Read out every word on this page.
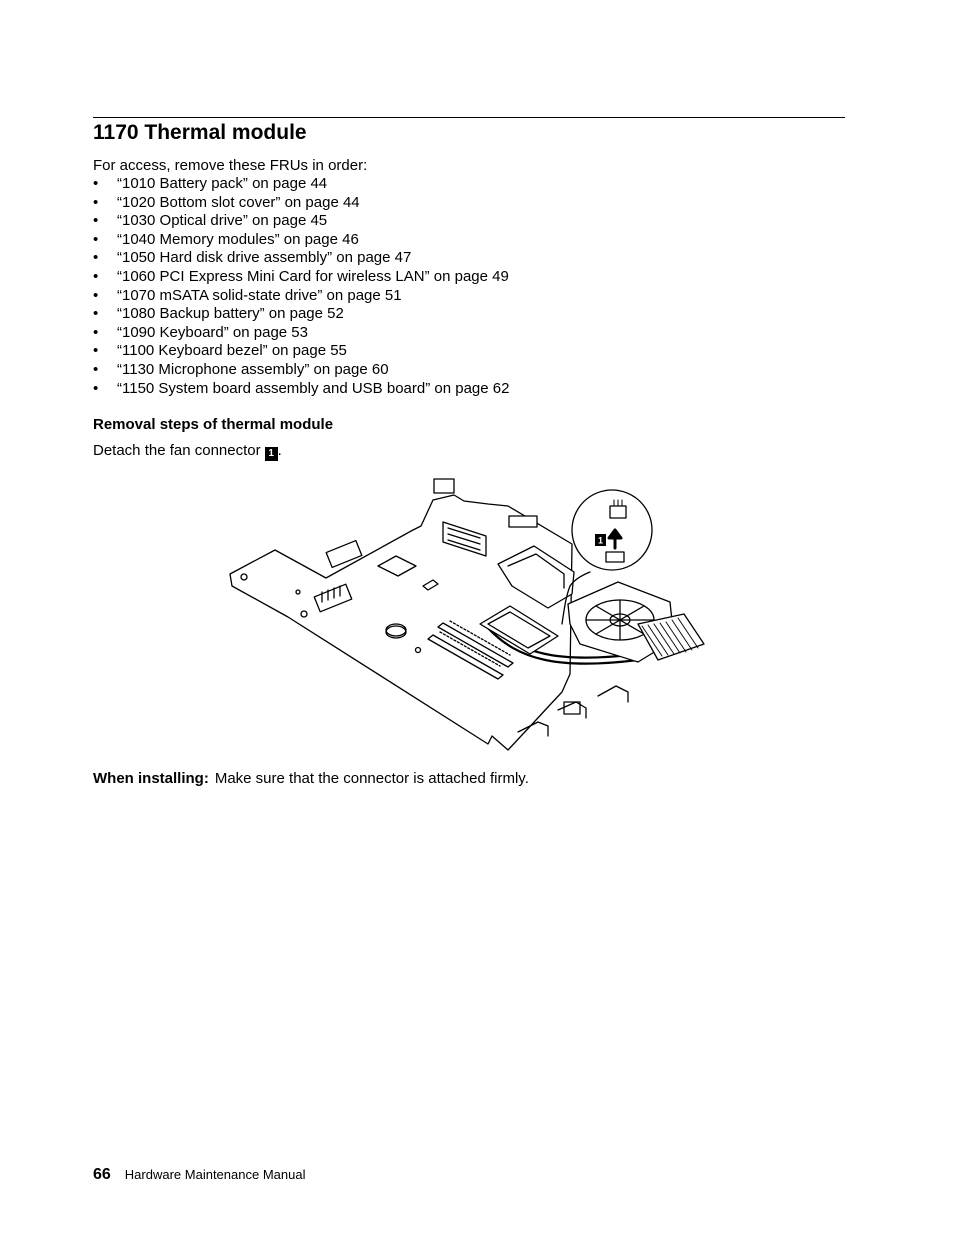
1170 Thermal module

For access, remove these FRUs in order:

•	“1010 Battery pack” on page 44
•	“1020 Bottom slot cover” on page 44
•	“1030 Optical drive” on page 45
•	“1040 Memory modules” on page 46
•	“1050 Hard disk drive assembly” on page 47
•	“1060 PCI Express Mini Card for wireless LAN” on page 49
•	“1070 mSATA solid-state drive” on page 51
•	“1080 Backup battery” on page 52
•	“1090 Keyboard” on page 53
•	“1100 Keyboard bezel” on page 55
•	“1130 Microphone assembly” on page 60
•	“1150 System board assembly and USB board” on page 62
Removal steps of thermal module

Detach the fan connector 1 .

1

When installing: Make sure that the connector is attached firmly.

66 Hardware Maintenance Manual
